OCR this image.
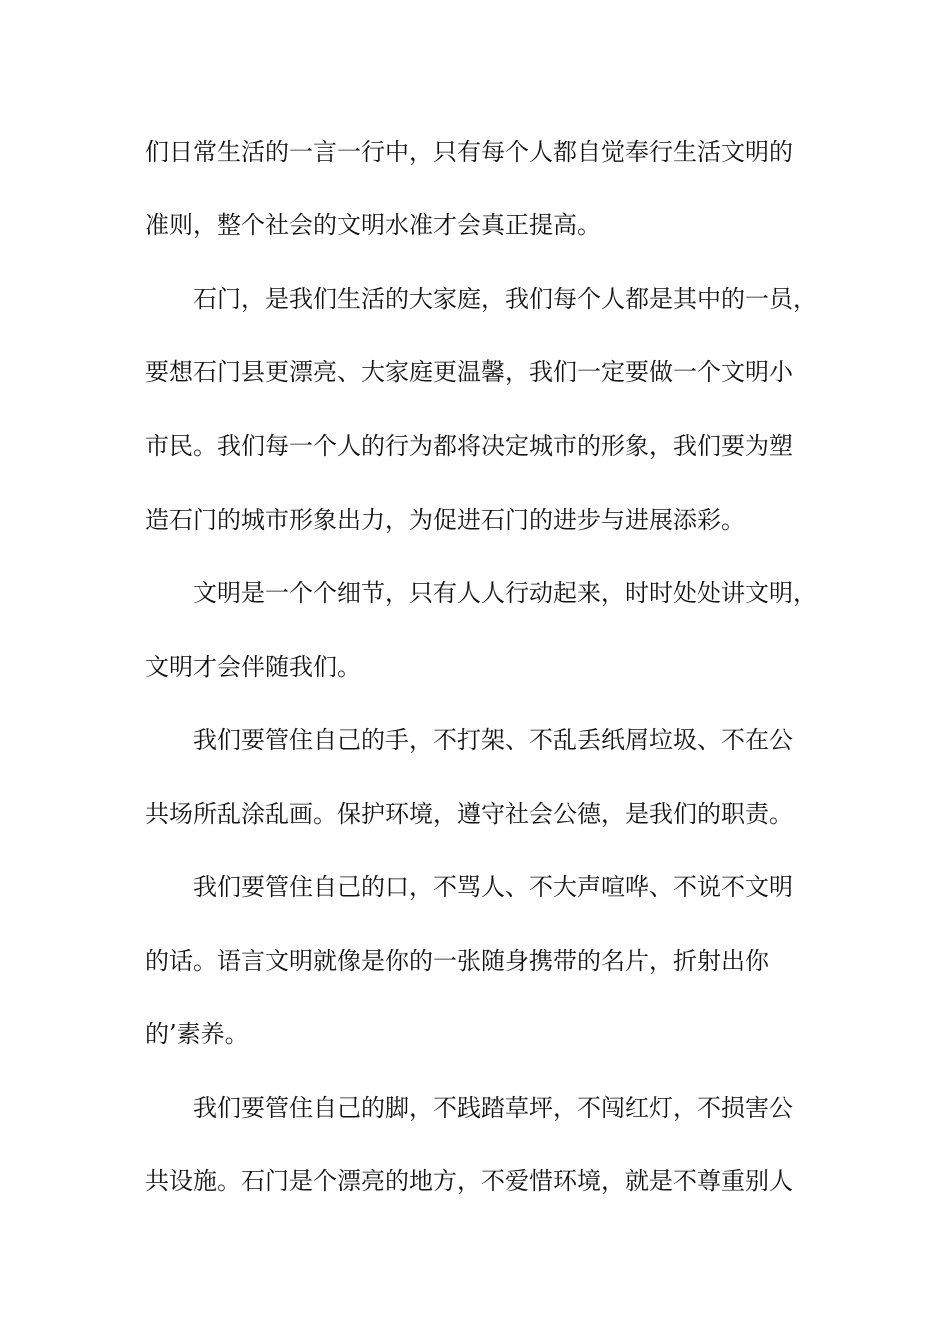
们日常生活的一言一行中，只有每个人都自觉奉行生活文明的

准则，整个社会的文明水准才会真正提高。

石门，是我们生活的大家庭，我们每个人都是其中的一员，

要想石门县更漂亮、大家庭更温馨，我们一定要做一个文明小

市民。我们每一个人的行为都将决定城市的形象，我们要为塑

造石门的城市形象出力，为促进石门的进步与进展添彩。

文明是一个个细节，只有人人行动起来，时时处处讲文明，

文明才会伴随我们。

我们要管住自己的手，不打架、不乱丢纸屑垃圾、不在公

共场所乱涂乱画。保护环境，遵守社会公德，是我们的职责。

我们要管住自己的口，不骂人、不大声喧哗、不说不文明

的话。语言文明就像是你的一张随身携带的名片，折射出你

的’素养。

我们要管住自己的脚，不践踏草坪，不闯红灯，不损害公

共设施。石门是个漂亮的地方，不爱惜环境，就是不尊重别人
